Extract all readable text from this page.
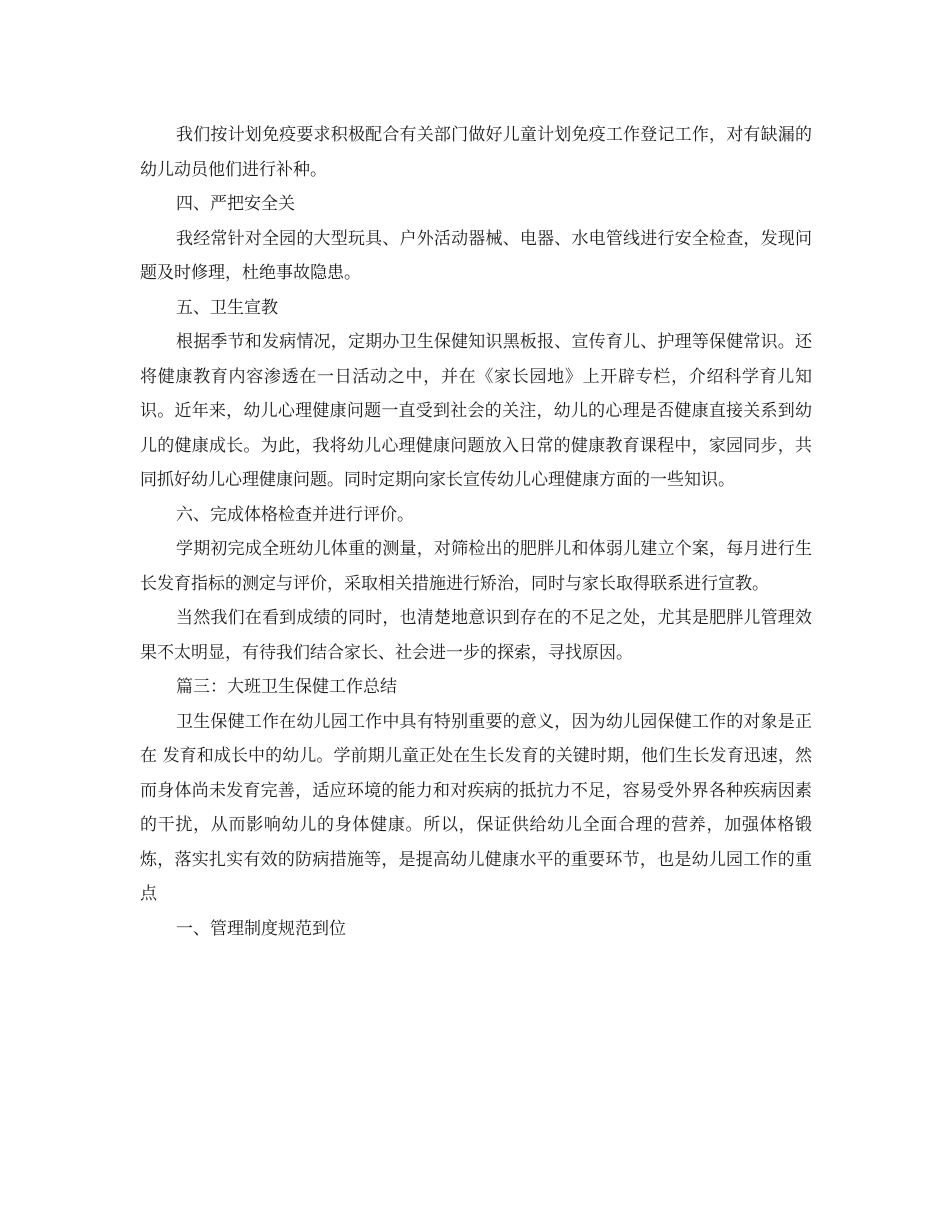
我们按计划免疫要求积极配合有关部门做好儿童计划免疫工作登记工作，对有缺漏的幼儿动员他们进行补种。

四、严把安全关

我经常针对全园的大型玩具、户外活动器械、电器、水电管线进行安全检查，发现问题及时修理，杜绝事故隐患。

五、卫生宣教

根据季节和发病情况，定期办卫生保健知识黑板报、宣传育儿、护理等保健常识。还将健康教育内容渗透在一日活动之中，并在《家长园地》上开辟专栏，介绍科学育儿知识。近年来，幼儿心理健康问题一直受到社会的关注，幼儿的心理是否健康直接关系到幼儿的健康成长。为此，我将幼儿心理健康问题放入日常的健康教育课程中，家园同步，共同抓好幼儿心理健康问题。同时定期向家长宣传幼儿心理健康方面的一些知识。

六、完成体格检查并进行评价。

学期初完成全班幼儿体重的测量，对筛检出的肥胖儿和体弱儿建立个案，每月进行生长发育指标的测定与评价，采取相关措施进行矫治，同时与家长取得联系进行宣教。

当然我们在看到成绩的同时，也清楚地意识到存在的不足之处，尤其是肥胖儿管理效果不太明显，有待我们结合家长、社会进一步的探索，寻找原因。

篇三：大班卫生保健工作总结

卫生保健工作在幼儿园工作中具有特别重要的意义，因为幼儿园保健工作的对象是正在 发育和成长中的幼儿。学前期儿童正处在生长发育的关键时期，他们生长发育迅速，然而身体尚未发育完善，适应环境的能力和对疾病的抵抗力不足，容易受外界各种疾病因素的干扰，从而影响幼儿的身体健康。所以，保证供给幼儿全面合理的营养，加强体格锻炼，落实扎实有效的防病措施等，是提高幼儿健康水平的重要环节，也是幼儿园工作的重点

一、管理制度规范到位
